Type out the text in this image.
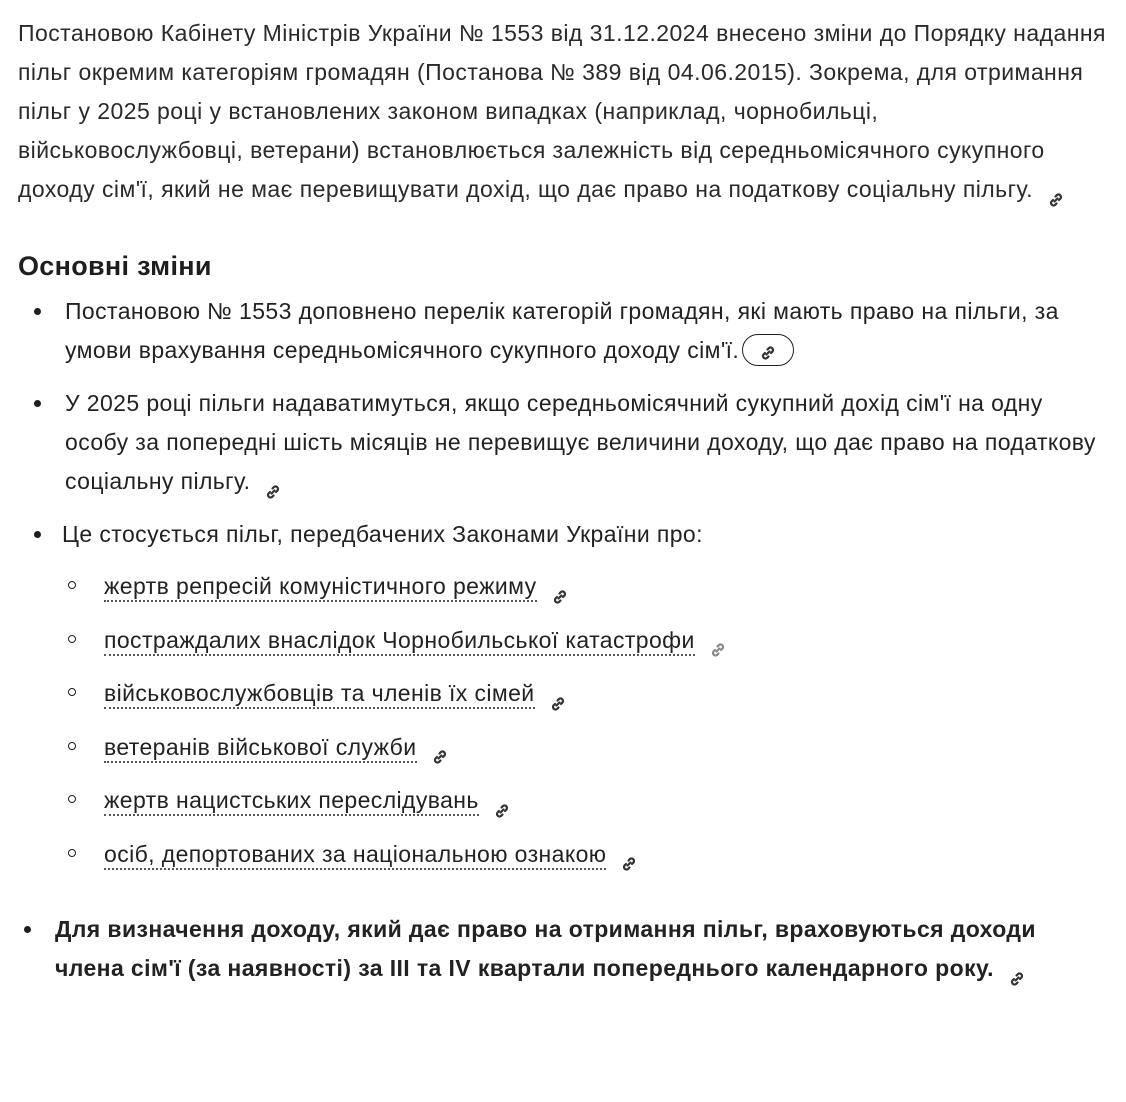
Постановою Кабінету Міністрів України № 1553 від 31.12.2024 внесено зміни до Порядку надання пільг окремим категоріям громадян (Постанова № 389 від 04.06.2015). Зокрема, для отримання пільг у 2025 році у встановлених законом випадках (наприклад, чорнобильці, військовослужбовці, ветерани) встановлюється залежність від середньомісячного сукупного доходу сім'ї, який не має перевищувати дохід, що дає право на податкову соціальну пільгу.

Основні зміни
Постановою № 1553 доповнено перелік категорій громадян, які мають право на пільги, за умови врахування середньомісячного сукупного доходу сім'ї.
У 2025 році пільги надаватимуться, якщо середньомісячний сукупний дохід сім'ї на одну особу за попередні шість місяців не перевищує величини доходу, що дає право на податкову соціальну пільгу.
Це стосується пільг, передбачених Законами України про:
жертв репресій комуністичного режиму
постраждалих внаслідок Чорнобильської катастрофи
військовослужбовців та членів їх сімей
ветеранів військової служби
жертв нацистських переслідувань
осіб, депортованих за національною ознакою
Для визначення доходу, який дає право на отримання пільг, враховуються доходи члена сім'ї (за наявності) за III та IV квартали попереднього календарного року.
